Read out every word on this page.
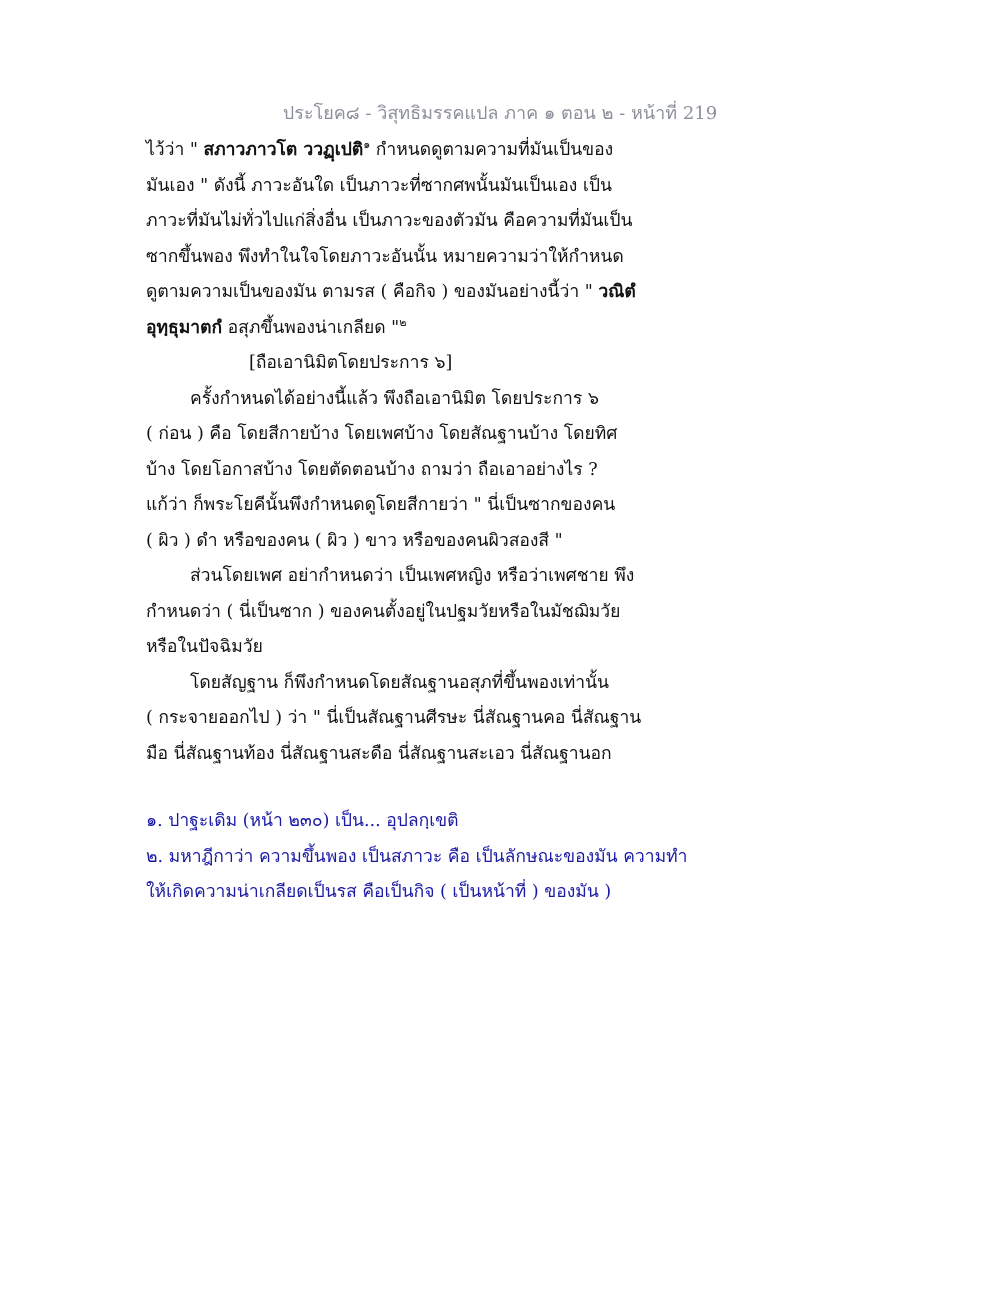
ประโยค๘ - วิสุทธิมรรคแปล ภาค ๑ ตอน ๒ - หน้าที่ 219
ไว้ว่า " สภาวภาวโต ววฏฺเปติ$^๑$ กำหนดดูตามความที่มันเป็นของ
มันเอง " ดังนี้ ภาวะอันใด เป็นภาวะที่ซากศพนั้นมันเป็นเอง เป็น
ภาวะที่มันไม่ทั่วไปแก่สิ่งอื่น เป็นภาวะของตัวมัน คือความที่มันเป็น
ซากขึ้นพอง พึงทำในใจโดยภาวะอันนั้น หมายความว่าให้กำหนด
ดูตามความเป็นของมัน ตามรส ( คือกิจ ) ของมันอย่างนี้ว่า " วณิตํ
อุทฺธุมาตกํ อสุภขึ้นพองน่าเกลียด "$^๒$
[ถือเอานิมิตโดยประการ ๖]
ครั้งกำหนดได้อย่างนี้แล้ว พึงถือเอานิมิต โดยประการ ๖
( ก่อน ) คือ โดยสีกายบ้าง โดยเพศบ้าง โดยสัณฐานบ้าง โดยทิศ
บ้าง โดยโอกาสบ้าง โดยตัดตอนบ้าง ถามว่า ถือเอาอย่างไร ?
แก้ว่า ก็พระโยคีนั้นพึงกำหนดดูโดยสีกายว่า " นี่เป็นซากของคน
( ผิว ) ดำ หรือของคน ( ผิว ) ขาว หรือของคนผิวสองสี "
ส่วนโดยเพศ อย่ากำหนดว่า เป็นเพศหญิง หรือว่าเพศชาย พึง
กำหนดว่า ( นี่เป็นซาก ) ของคนตั้งอยู่ในปฐมวัยหรือในมัชฌิมวัย
หรือในปัจฉิมวัย
โดยสัญฐาน ก็พึงกำหนดโดยสัณฐานอสุภที่ขึ้นพองเท่านั้น
( กระจายออกไป ) ว่า " นี่เป็นสัณฐานศีรษะ นี่สัณฐานคอ นี่สัณฐาน
มือ นี่สัณฐานท้อง นี่สัณฐานสะดือ นี่สัณฐานสะเอว นี่สัณฐานอก
๑. ปาฐะเดิม (หน้า ๒๓๐) เป็น... อุปลกฺเขติ
๒. มหาฎีกาว่า ความขึ้นพอง เป็นสภาวะ คือ เป็นลักษณะของมัน ความทำ
ให้เกิดความน่าเกลียดเป็นรส คือเป็นกิจ ( เป็นหน้าที่ ) ของมัน )
